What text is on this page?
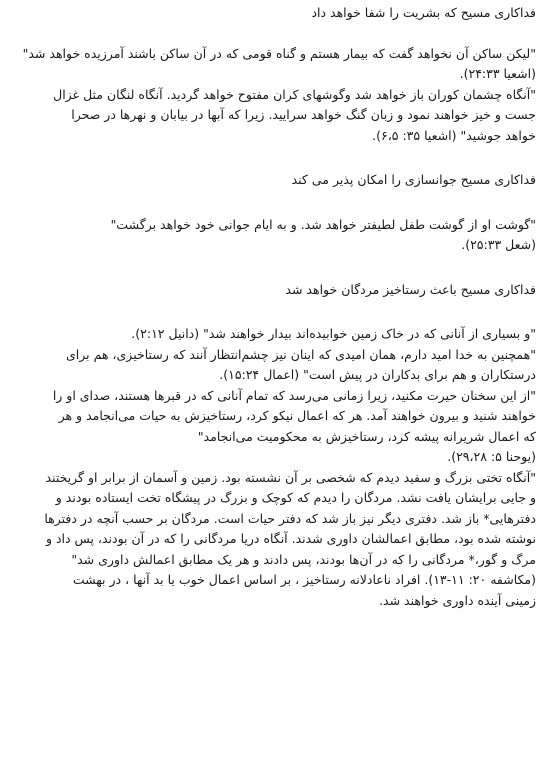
فداکاری مسیح که بشریت را شفا خواهد داد

"لیکن ساکن آن نخواهد گفت که بیمار هستم و گناه قومی که در آن ساکن باشند آمرزیده خواهد شد"

(اشعیا ۲۴:۳۳).

"آنگاه چشمان کوران باز خواهد شد وگوشهای کران مفتوح خواهد گردید. آنگاه لنگان مثل غزال

جست و خیز خواهند نمود و زبان گنگ خواهد سرایید. زیرا که آبها در بیابان و نهرها در صحرا

خواهد جوشید" (اشعیا ۳۵: ۶،۵).

فداکاری مسیح جوانسازی را امکان پذیر می کند

"گوشت او از گوشت طفل لطیفتر خواهد شد. و به ایام جوانی خود خواهد برگشت"

(شعل ۲۵:۳۳).

فداکاری مسیح باعث رستاخیز مردگان خواهد شد

"و بسیاری از آنانی که در خاک زمین خوابیده‌اند بیدار خواهند شد" (دانیل ۲:۱۲).

"همچنین به خدا امید دارم، همان امیدی که اینان نیز چشم‌انتظار آنند که رستاخیزی، هم برای

درستکاران و هم برای بدکاران در پیش است" (اعمال ۱۵:۲۴).

"از این سخنان حیرت مکنید، زیرا زمانی می‌رسد که تمام آنانی که در قبرها هستند، صدای او را

خواهند شنید و بیرون خواهند آمد. هر که اعمال نیکو کرد، رستاخیزش به حیات می‌انجامد و هر

که اعمال شریرانه پیشه کرد، رستاخیزش به محکومیت می‌انجامد"

(یوحنا ۵: ۲۹،۲۸).

"آنگاه تختی بزرگ و سفید دیدم که شخصی بر آن نشسته بود. زمین و آسمان از برابر او گریختند

و جایی برایشان یافت نشد. مردگان را دیدم که کوچک و بزرگ در پیشگاه تخت ایستاده بودند و

دفترهایی* باز شد. دفتری دیگر نیز باز شد که دفتر حیات است. مردگان بر حسب آنچه در دفترها

نوشته شده بود، مطابق اعمالشان داوری شدند. آنگاه دریا مردگانی را که در آن بودند، پس داد و

مرگ و گور،* مردگانی را که در آن‌ها بودند، پس دادند و هر یک مطابق اعمالش داوری شد"

(مکاشفه ۲۰: ۱۱-۱۳). افراد ناعادلانه رستاخیز ، بر اساس اعمال خوب یا بد آنها ، در بهشت

زمینی آینده داوری خواهند شد.
